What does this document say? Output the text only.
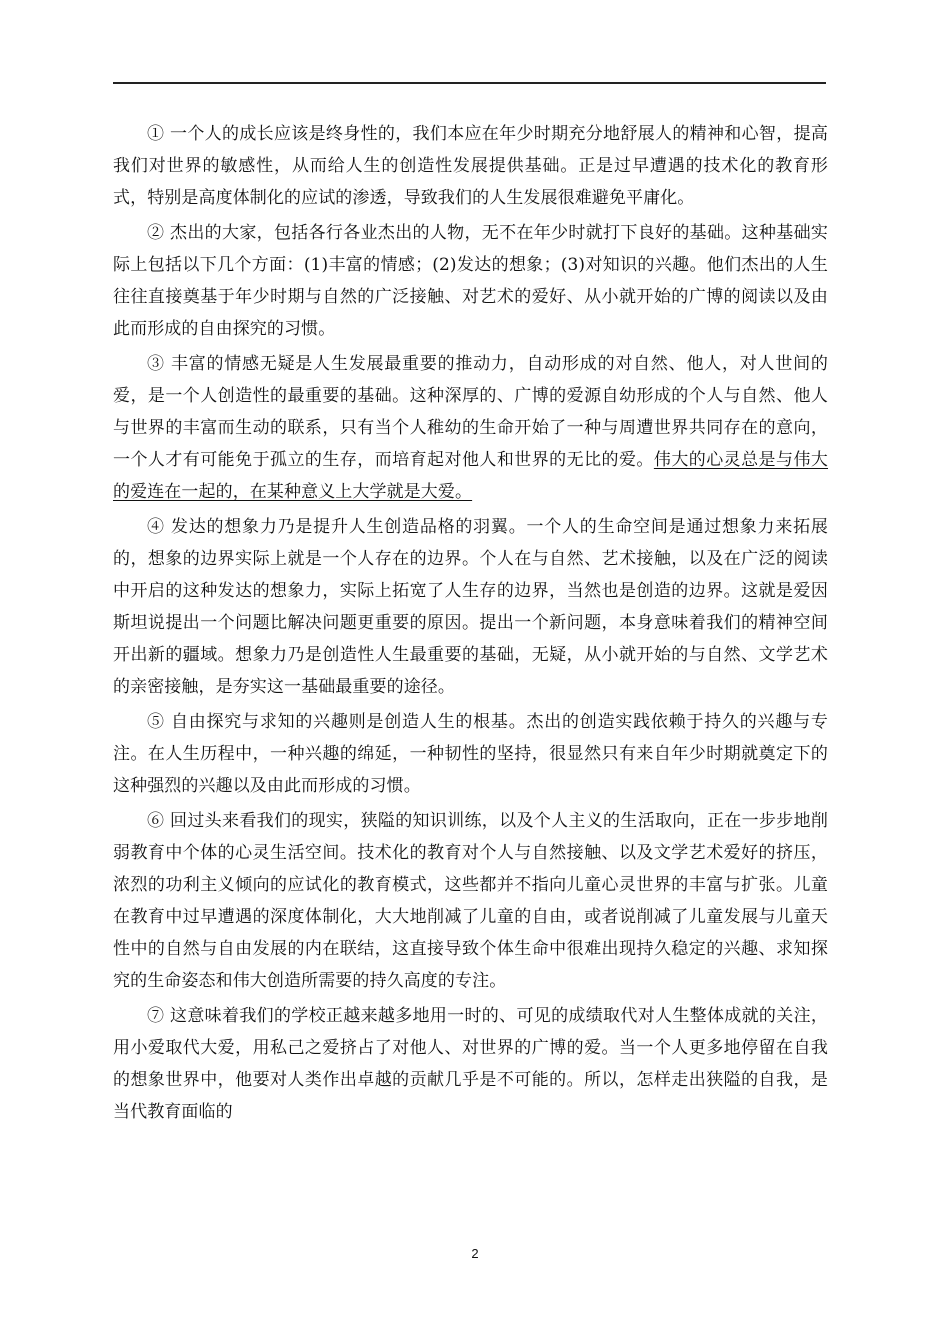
① 一个人的成长应该是终身性的，我们本应在年少时期充分地舒展人的精神和心智，提高我们对世界的敏感性，从而给人生的创造性发展提供基础。正是过早遭遇的技术化的教育形式，特别是高度体制化的应试的渗透，导致我们的人生发展很难避免平庸化。

② 杰出的大家，包括各行各业杰出的人物，无不在年少时就打下良好的基础。这种基础实际上包括以下几个方面：(1)丰富的情感；(2)发达的想象；(3)对知识的兴趣。他们杰出的人生往往直接奠基于年少时期与自然的广泛接触、对艺术的爱好、从小就开始的广博的阅读以及由此而形成的自由探究的习惯。

③ 丰富的情感无疑是人生发展最重要的推动力，自动形成的对自然、他人，对人世间的爱，是一个人创造性的最重要的基础。这种深厚的、广博的爱源自幼形成的个人与自然、他人与世界的丰富而生动的联系，只有当个人稚幼的生命开始了一种与周遭世界共同存在的意向，一个人才有可能免于孤立的生存，而培育起对他人和世界的无比的爱。伟大的心灵总是与伟大的爱连在一起的，在某种意义上大学就是大爱。

④ 发达的想象力乃是提升人生创造品格的羽翼。一个人的生命空间是通过想象力来拓展的，想象的边界实际上就是一个人存在的边界。个人在与自然、艺术接触，以及在广泛的阅读中开启的这种发达的想象力，实际上拓宽了人生存的边界，当然也是创造的边界。这就是爱因斯坦说提出一个问题比解决问题更重要的原因。提出一个新问题，本身意味着我们的精神空间开出新的疆域。想象力乃是创造性人生最重要的基础，无疑，从小就开始的与自然、文学艺术的亲密接触，是夯实这一基础最重要的途径。

⑤ 自由探究与求知的兴趣则是创造人生的根基。杰出的创造实践依赖于持久的兴趣与专注。在人生历程中，一种兴趣的绵延，一种韧性的坚持，很显然只有来自年少时期就奠定下的这种强烈的兴趣以及由此而形成的习惯。

⑥ 回过头来看我们的现实，狭隘的知识训练，以及个人主义的生活取向，正在一步步地削弱教育中个体的心灵生活空间。技术化的教育对个人与自然接触、以及文学艺术爱好的挤压，浓烈的功利主义倾向的应试化的教育模式，这些都并不指向儿童心灵世界的丰富与扩张。儿童在教育中过早遭遇的深度体制化，大大地削减了儿童的自由，或者说削减了儿童发展与儿童天性中的自然与自由发展的内在联结，这直接导致个体生命中很难出现持久稳定的兴趣、求知探究的生命姿态和伟大创造所需要的持久高度的专注。

⑦ 这意味着我们的学校正越来越多地用一时的、可见的成绩取代对人生整体成就的关注，用小爱取代大爱，用私己之爱挤占了对他人、对世界的广博的爱。当一个人更多地停留在自我的想象世界中，他要对人类作出卓越的贡献几乎是不可能的。所以，怎样走出狭隘的自我，是当代教育面临的

2
